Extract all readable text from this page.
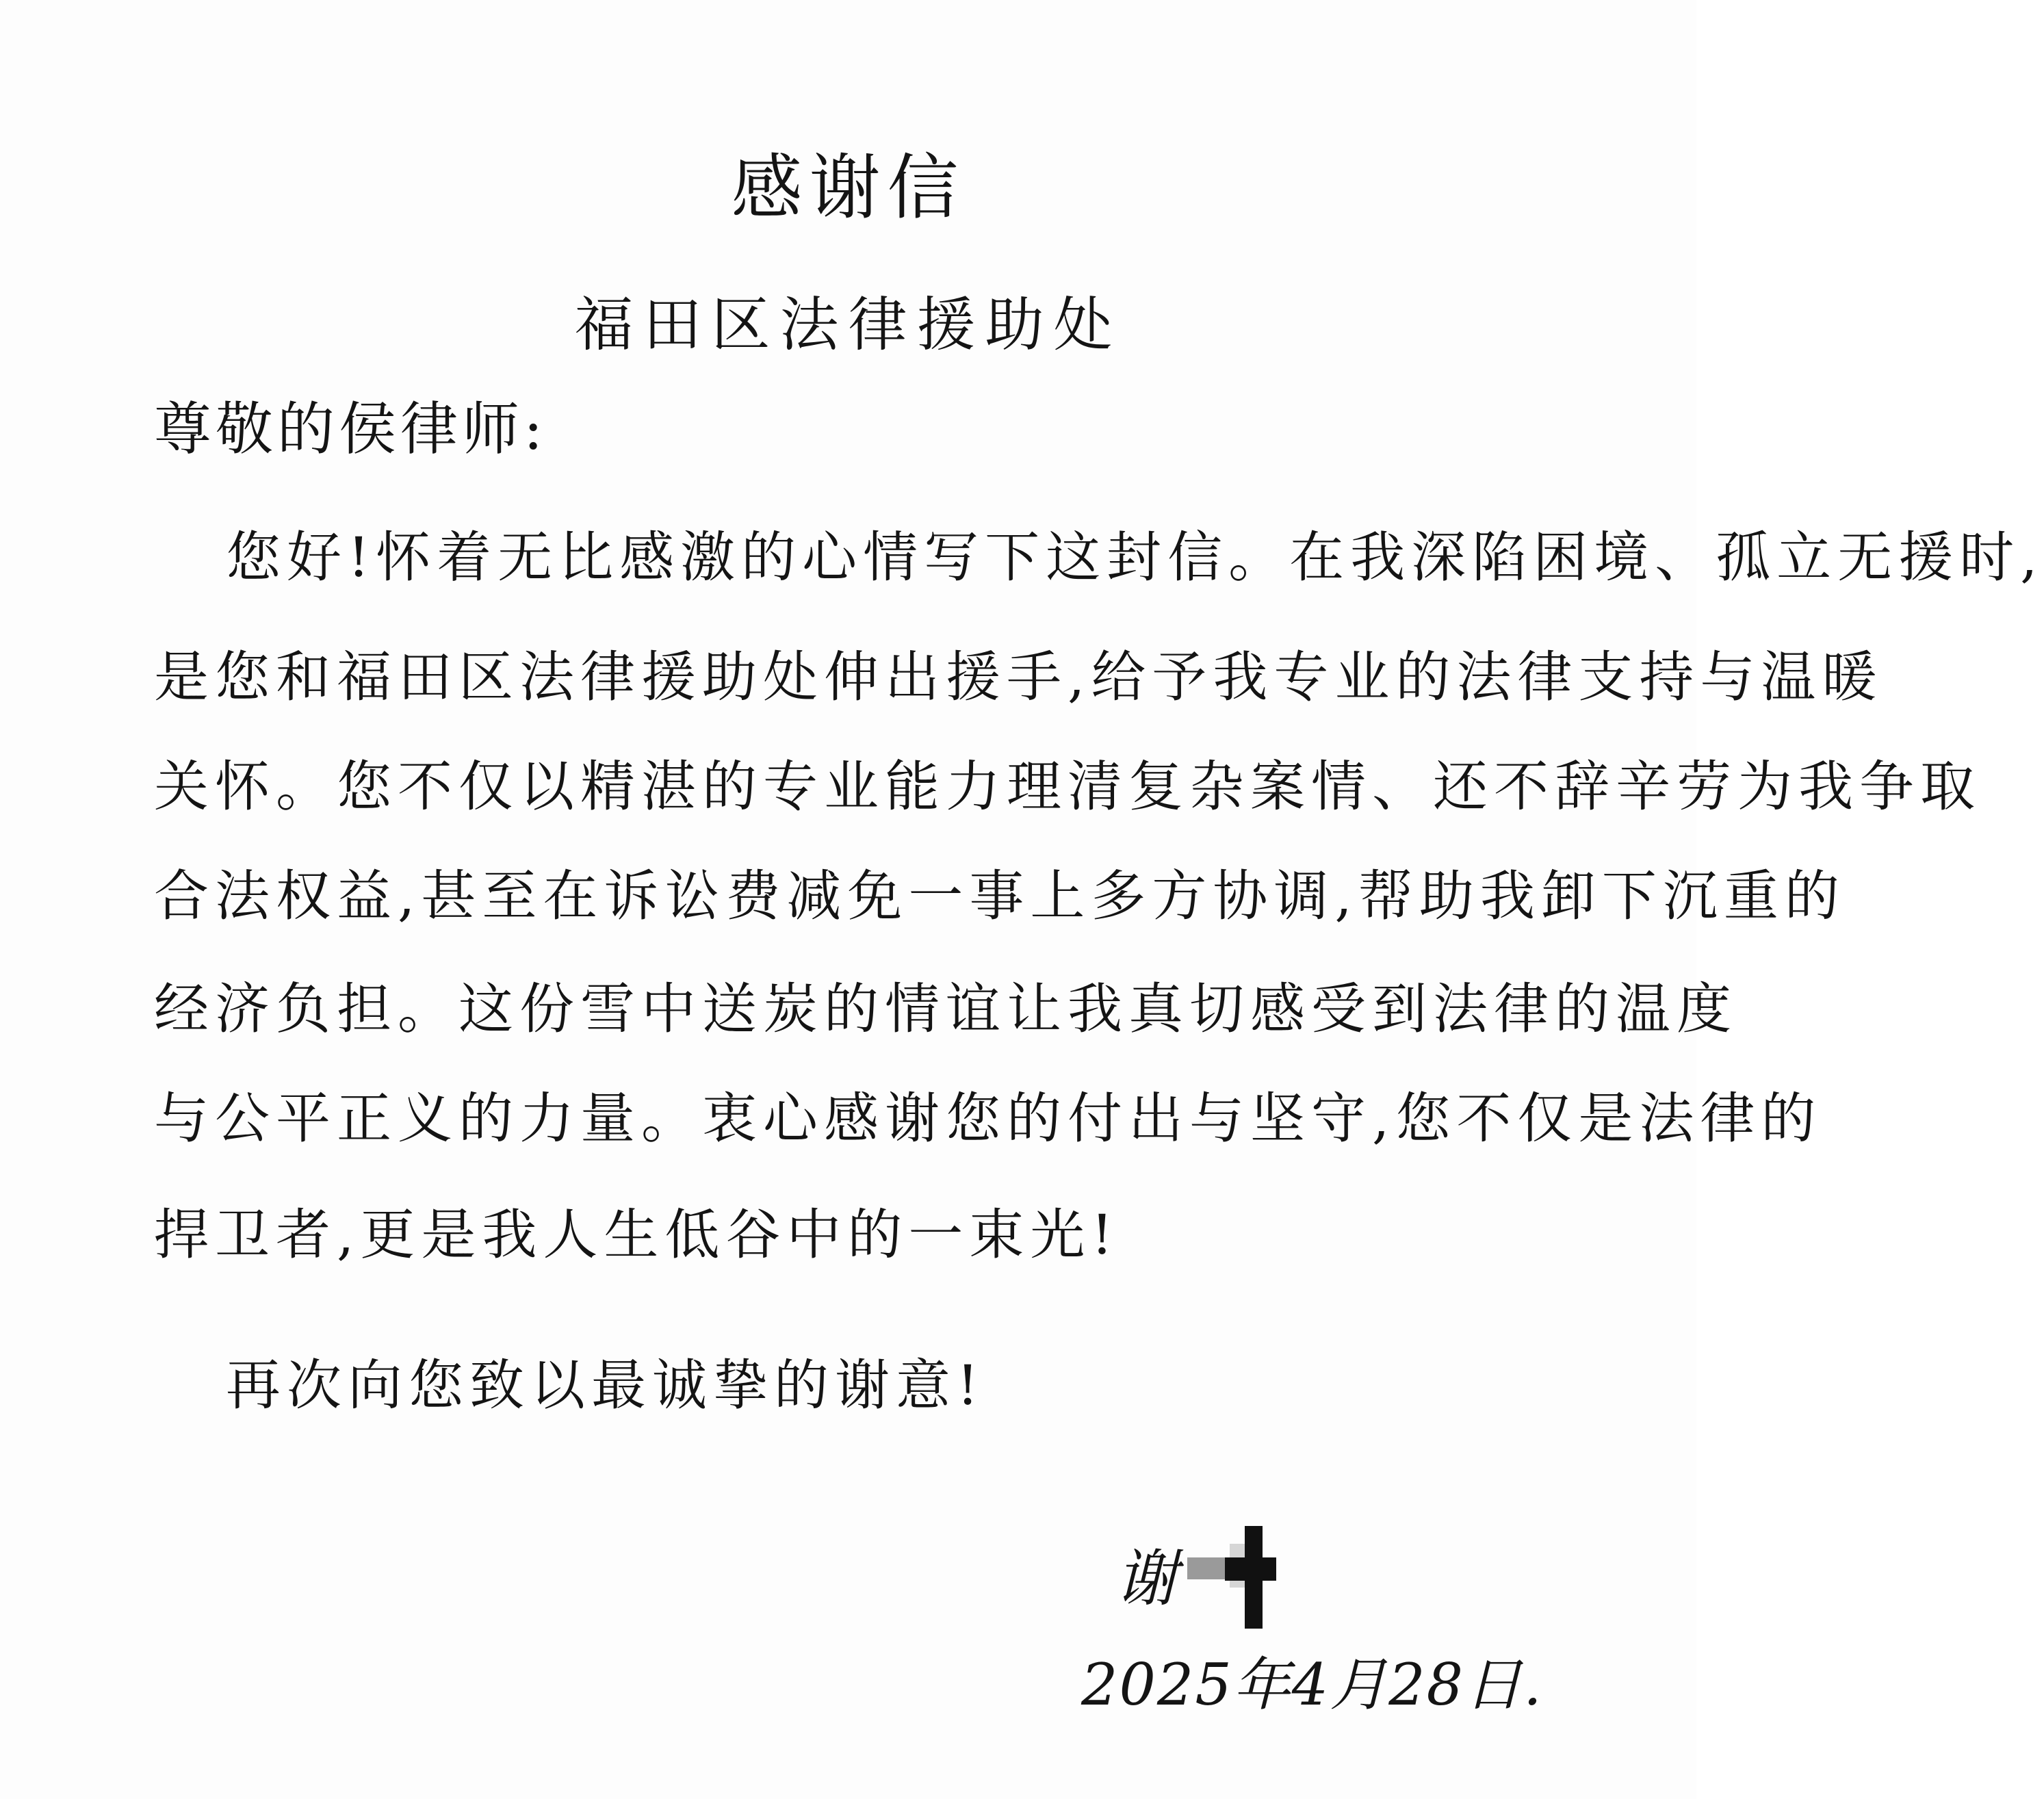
感谢信
福田区法律援助处
尊敬的侯律师:
您好!怀着无比感激的心情写下这封信。在我深陷困境、孤立无援时,
是您和福田区法律援助处伸出援手,给予我专业的法律支持与温暖
关怀。您不仅以精湛的专业能力理清复杂案情、还不辞辛劳为我争取
合法权益,甚至在诉讼费减免一事上多方协调,帮助我卸下沉重的
经济负担。这份雪中送炭的情谊让我真切感受到法律的温度
与公平正义的力量。衷心感谢您的付出与坚守,您不仅是法律的
捍卫者,更是我人生低谷中的一束光!
再次向您致以最诚挚的谢意!
谢
2025年4月28日.
